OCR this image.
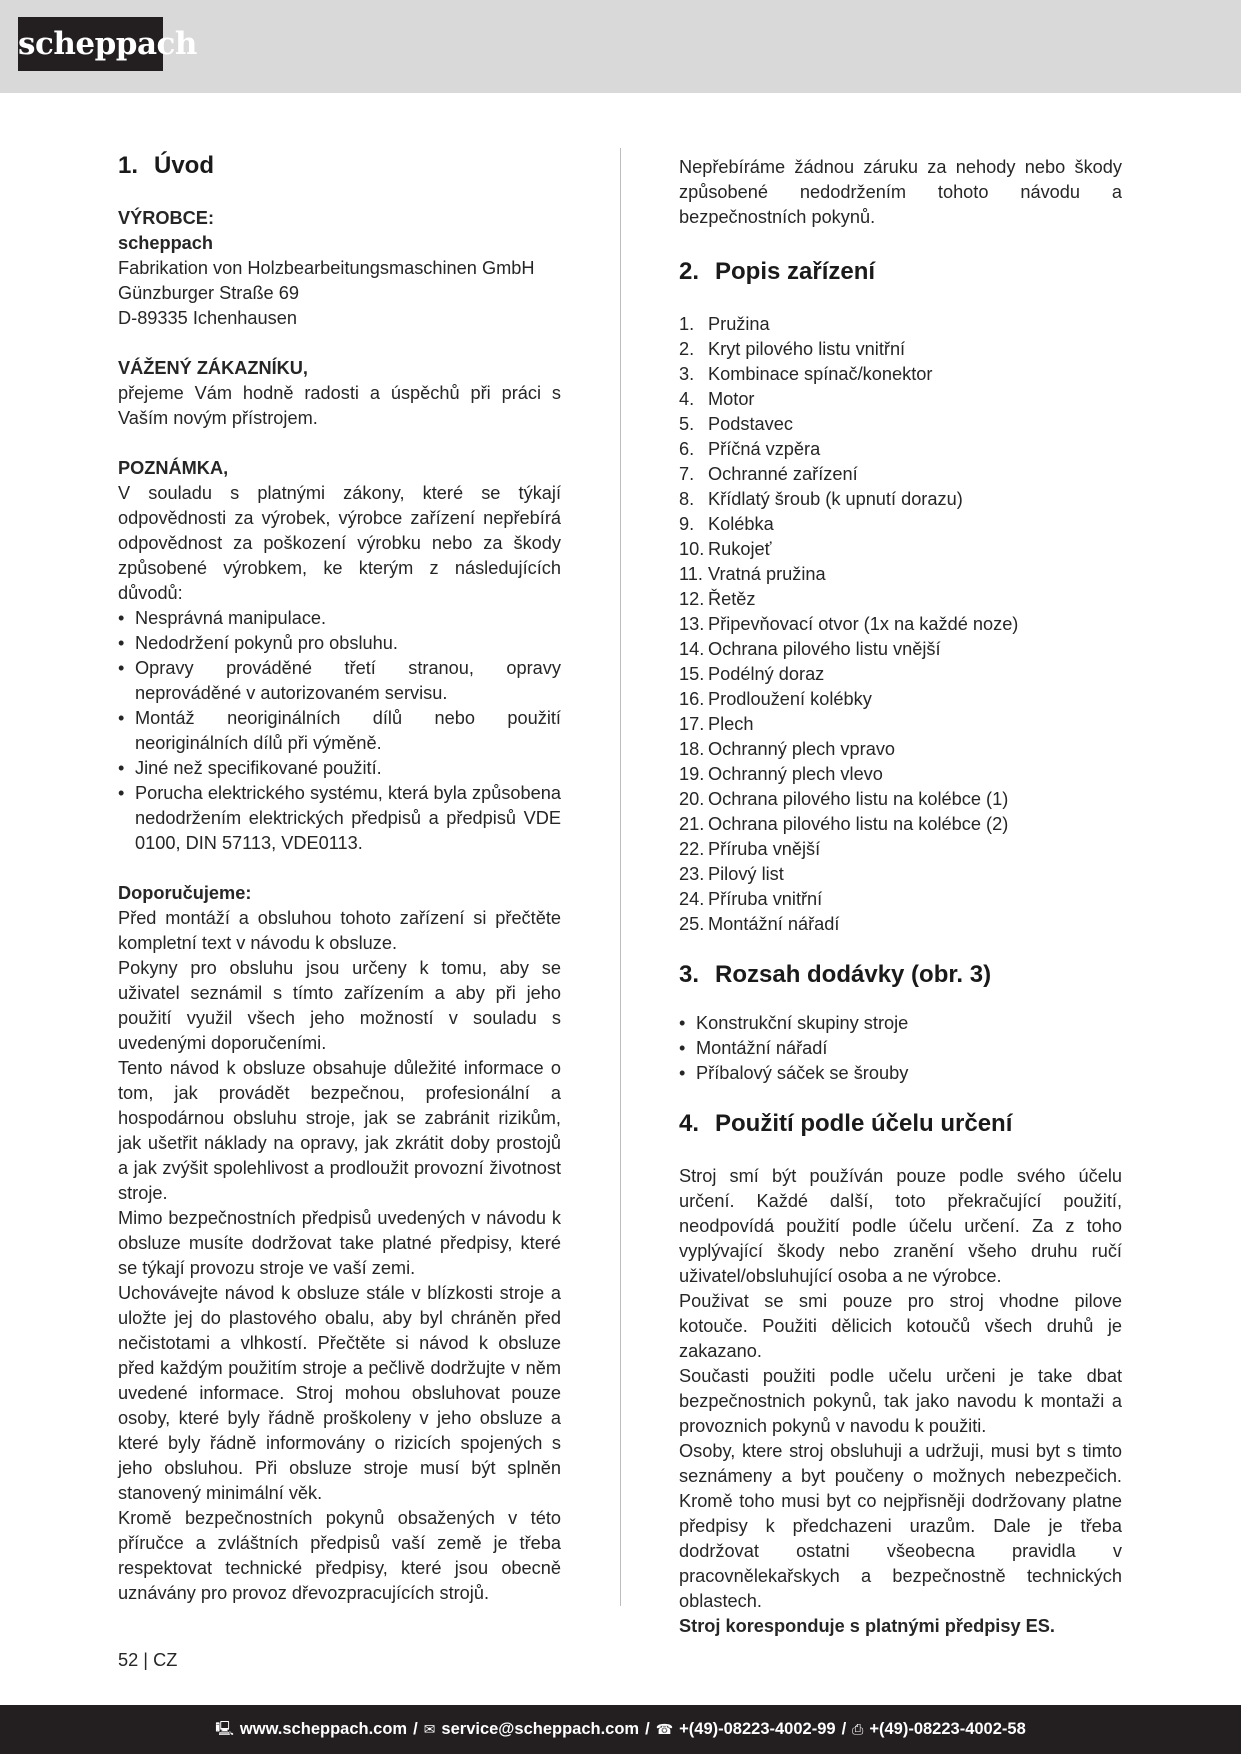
scheppach
1. Úvod
VÝROBCE:
scheppach
Fabrikation von Holzbearbeitungsmaschinen GmbH
Günzburger Straße 69
D-89335 Ichenhausen
VÁŽENÝ ZÁKAZNÍKU,

přejeme Vám hodně radosti a úspěchů při práci s Vaším novým přístrojem.

POZNÁMKA,

V souladu s platnými zákony, které se týkají odpovědnosti za výrobek, výrobce zařízení nepřebírá odpovědnost za poškození výrobku nebo za škody způsobené výrobkem, ke kterým z následujících důvodů:

• Nesprávná manipulace.
• Nedodržení pokynů pro obsluhu.
• Opravy prováděné třetí stranou, opravy neprováděné v autorizovaném servisu.
• Montáž neoriginálních dílů nebo použití neoriginálních dílů při výměně.
• Jiné než specifikované použití.
• Porucha elektrického systému, která byla způsobena nedodržením elektrických předpisů a předpisů VDE 0100, DIN 57113, VDE0113.
Doporučujeme:

Před montáží a obsluhou tohoto zařízení si přečtěte kompletní text v návodu k obsluze.

Pokyny pro obsluhu jsou určeny k tomu, aby se uživatel seznámil s tímto zařízením a aby při jeho použití využil všech jeho možností v souladu s uvedenými doporučeními.

Tento návod k obsluze obsahuje důležité informace o tom, jak provádět bezpečnou, profesionální a hospodárnou obsluhu stroje, jak se zabránit rizikům, jak ušetřit náklady na opravy, jak zkrátit doby prostojů a jak zvýšit spolehlivost a prodloužit provozní životnost stroje.

Mimo bezpečnostních předpisů uvedených v návodu k obsluze musíte dodržovat take platné předpisy, které se týkají provozu stroje ve vaší zemi.

Uchovávejte návod k obsluze stále v blízkosti stroje a uložte jej do plastového obalu, aby byl chráněn před nečistotami a vlhkostí. Přečtěte si návod k obsluze před každým použitím stroje a pečlivě dodržujte v něm uvedené informace. Stroj mohou obsluhovat pouze osoby, které byly řádně proškoleny v jeho obsluze a které byly řádně informovány o rizicích spojených s jeho obsluhou. Při obsluze stroje musí být splněn stanovený minimální věk.

Kromě bezpečnostních pokynů obsažených v této příručce a zvláštních předpisů vaší země je třeba respektovat technické předpisy, které jsou obecně uznávány pro provoz dřevozpracujících strojů.

Nepřebíráme žádnou záruku za nehody nebo škody způsobené nedodržením tohoto návodu a bezpečnostních pokynů.

2. Popis zařízení
1. Pružina
2. Kryt pilového listu vnitřní
3. Kombinace spínač/konektor
4. Motor
5. Podstavec
6. Příčná vzpěra
7. Ochranné zařízení
8. Křídlatý šroub (k upnutí dorazu)
9. Kolébka
10. Rukojeť
11. Vratná pružina
12. Řetěz
13. Připevňovací otvor (1x na každé noze)
14. Ochrana pilového listu vnější
15. Podélný doraz
16. Prodloužení kolébky
17. Plech
18. Ochranný plech vpravo
19. Ochranný plech vlevo
20. Ochrana pilového listu na kolébce (1)
21. Ochrana pilového listu na kolébce (2)
22. Příruba vnější
23. Pilový list
24. Příruba vnitřní
25. Montážní nářadí
3. Rozsah dodávky (obr. 3)
• Konstrukční skupiny stroje
• Montážní nářadí
• Příbalový sáček se šrouby
4. Použití podle účelu určení

Stroj smí být používán pouze podle svého účelu určení. Každé další, toto překračující použití, neodpovídá použití podle účelu určení. Za z toho vyplývající škody nebo zranění všeho druhu ručí uživatel/obsluhující osoba a ne výrobce.

Použivat se smi pouze pro stroj vhodne pilove kotouče. Použiti dělicich kotoučů všech druhů je zakazano.

Současti použiti podle učelu určeni je take dbat bezpečnostnich pokynů, tak jako navodu k montaži a provoznich pokynů v navodu k použiti.

Osoby, ktere stroj obsluhuji a udržuji, musi byt s timto seznámeny a byt poučeny o možnych nebezpečich. Kromě toho musi byt co nejpřisněji dodržovany platne předpisy k předchazeni urazům. Dale je třeba dodržovat ostatni všeobecna pravidla v pracovnělekařskych a bezpečnostně technických oblastech.

Stroj koresponduje s platnými předpisy ES.

52 | CZ
🖳 www.scheppach.com / ✉ service@scheppach.com / ☎ +(49)-08223-4002-99 / ⎙ +(49)-08223-4002-58
